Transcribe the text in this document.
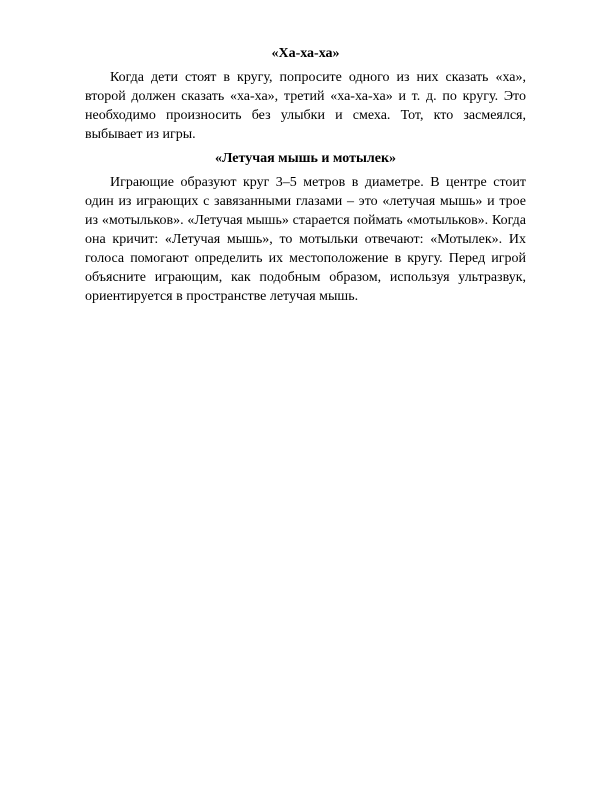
«Ха-ха-ха»

Когда дети стоят в кругу, попросите одного из них сказать «ха», второй должен сказать «ха-ха», третий «ха-ха-ха» и т. д. по кругу. Это необходимо произносить без улыбки и смеха. Тот, кто засмеялся, выбывает из игры.

«Летучая мышь и мотылек»

Играющие образуют круг 3–5 метров в диаметре. В центре стоит один из играющих с завязанными глазами – это «летучая мышь» и трое из «мотыльков». «Летучая мышь» старается поймать «мотыльков». Когда она кричит: «Летучая мышь», то мотыльки отвечают: «Мотылек». Их голоса помогают определить их местоположение в кругу. Перед игрой объясните играющим, как подобным образом, используя ультразвук, ориентируется в пространстве летучая мышь.
